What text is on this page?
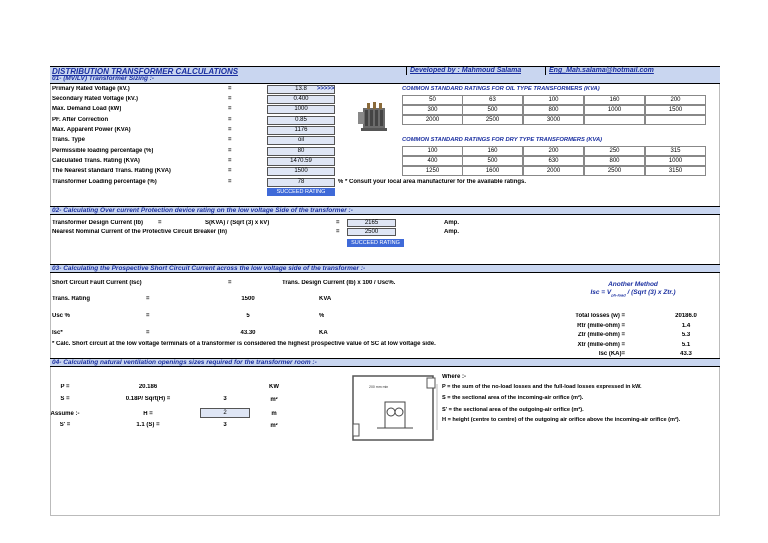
DISTRIBUTION TRANSFORMER CALCULATIONS	Developed by : Mahmoud Salama	Eng_Mah.salama@hotmail.com
01- (MV/LV) Transformer Sizing :-
Primary Rated Voltage (kV.)	=	13.8
Secondary Rated Voltage (kV.)	=	0.400
Max. Demand Load (kW)	=	1000
PF. After Correction	=	0.85
Max. Apparent Power (KVA)	=	1176
Trans. Type	=	oil
Permissible loading percentage (%)	=	80
Calculated Trans. Rating (KVA)	=	1470.59
The Nearest standard Trans. Rating (KVA)	=	1500
Transformer Loading percentage (%)	=	78	%
>>>>>
SUCCEED RATING
COMMON STANDARD RATINGS FOR OIL TYPE TRANSFORMERS (KVA)
50	63	100	160	200
300	500	800	1000	1500
2000	2500	3000
COMMON STANDARD RATINGS FOR DRY TYPE TRANSFORMERS (KVA)
100	160	200	250	315
400	500	630	800	1000
1250	1600	2000	2500	3150
* Consult your local area manufacturer for the available ratings.
02- Calculating Over current Protection device rating on the low voltage Side of the transformer :-
Transformer Design Current (Ib) =	S(KVA) / (Sqrt (3) x kV)	=	2165	Amp.
Nearest Nominal Current of the Protective Circuit Breaker (In)	=	2500	Amp.
SUCCEED RATING
03- Calculating the Prospective Short Circuit Current across the low voltage side of the transformer :-
Short Circuit Fault Current (Isc)	=	Trans. Design Current (Ib) x 100 / Usc%.
Trans. Rating	=	1500	KVA
Usc %	=	5	%
Isc*	=	43.30	KA
Another Method
Isc = $V_{ph-load}$ / (Sqrt (3) x Ztr.)
Total losses (w) =	20186.0
Rtr (mille-ohm) =	1.4
Ztr (mille-ohm) =	5.3
Xtr (mille-ohm) =	5.1
Isc (KA)=	43.3
* Calc. Short circuit at the low voltage terminals of a transformer is considered the highest prospective value of SC at low voltage side.
04- Calculating natural ventilation openings sizes required for the transformer room :-
P =	20.186	KW
S =	0.18P/ Sqrt(H) =	3	m²
Assume :-	H =	2	m
S' =	1.1 (S) =	3	m²
200 mm min
Where :-
P = the sum of the no-load losses and the full-load losses expressed in kW.
S = the sectional area of the incoming-air orifice (m²).
S' = the sectional area of the outgoing-air orifice (m²).
H = height (centre to centre) of the outgoing air orifice above the incoming-air orifice (m²).
